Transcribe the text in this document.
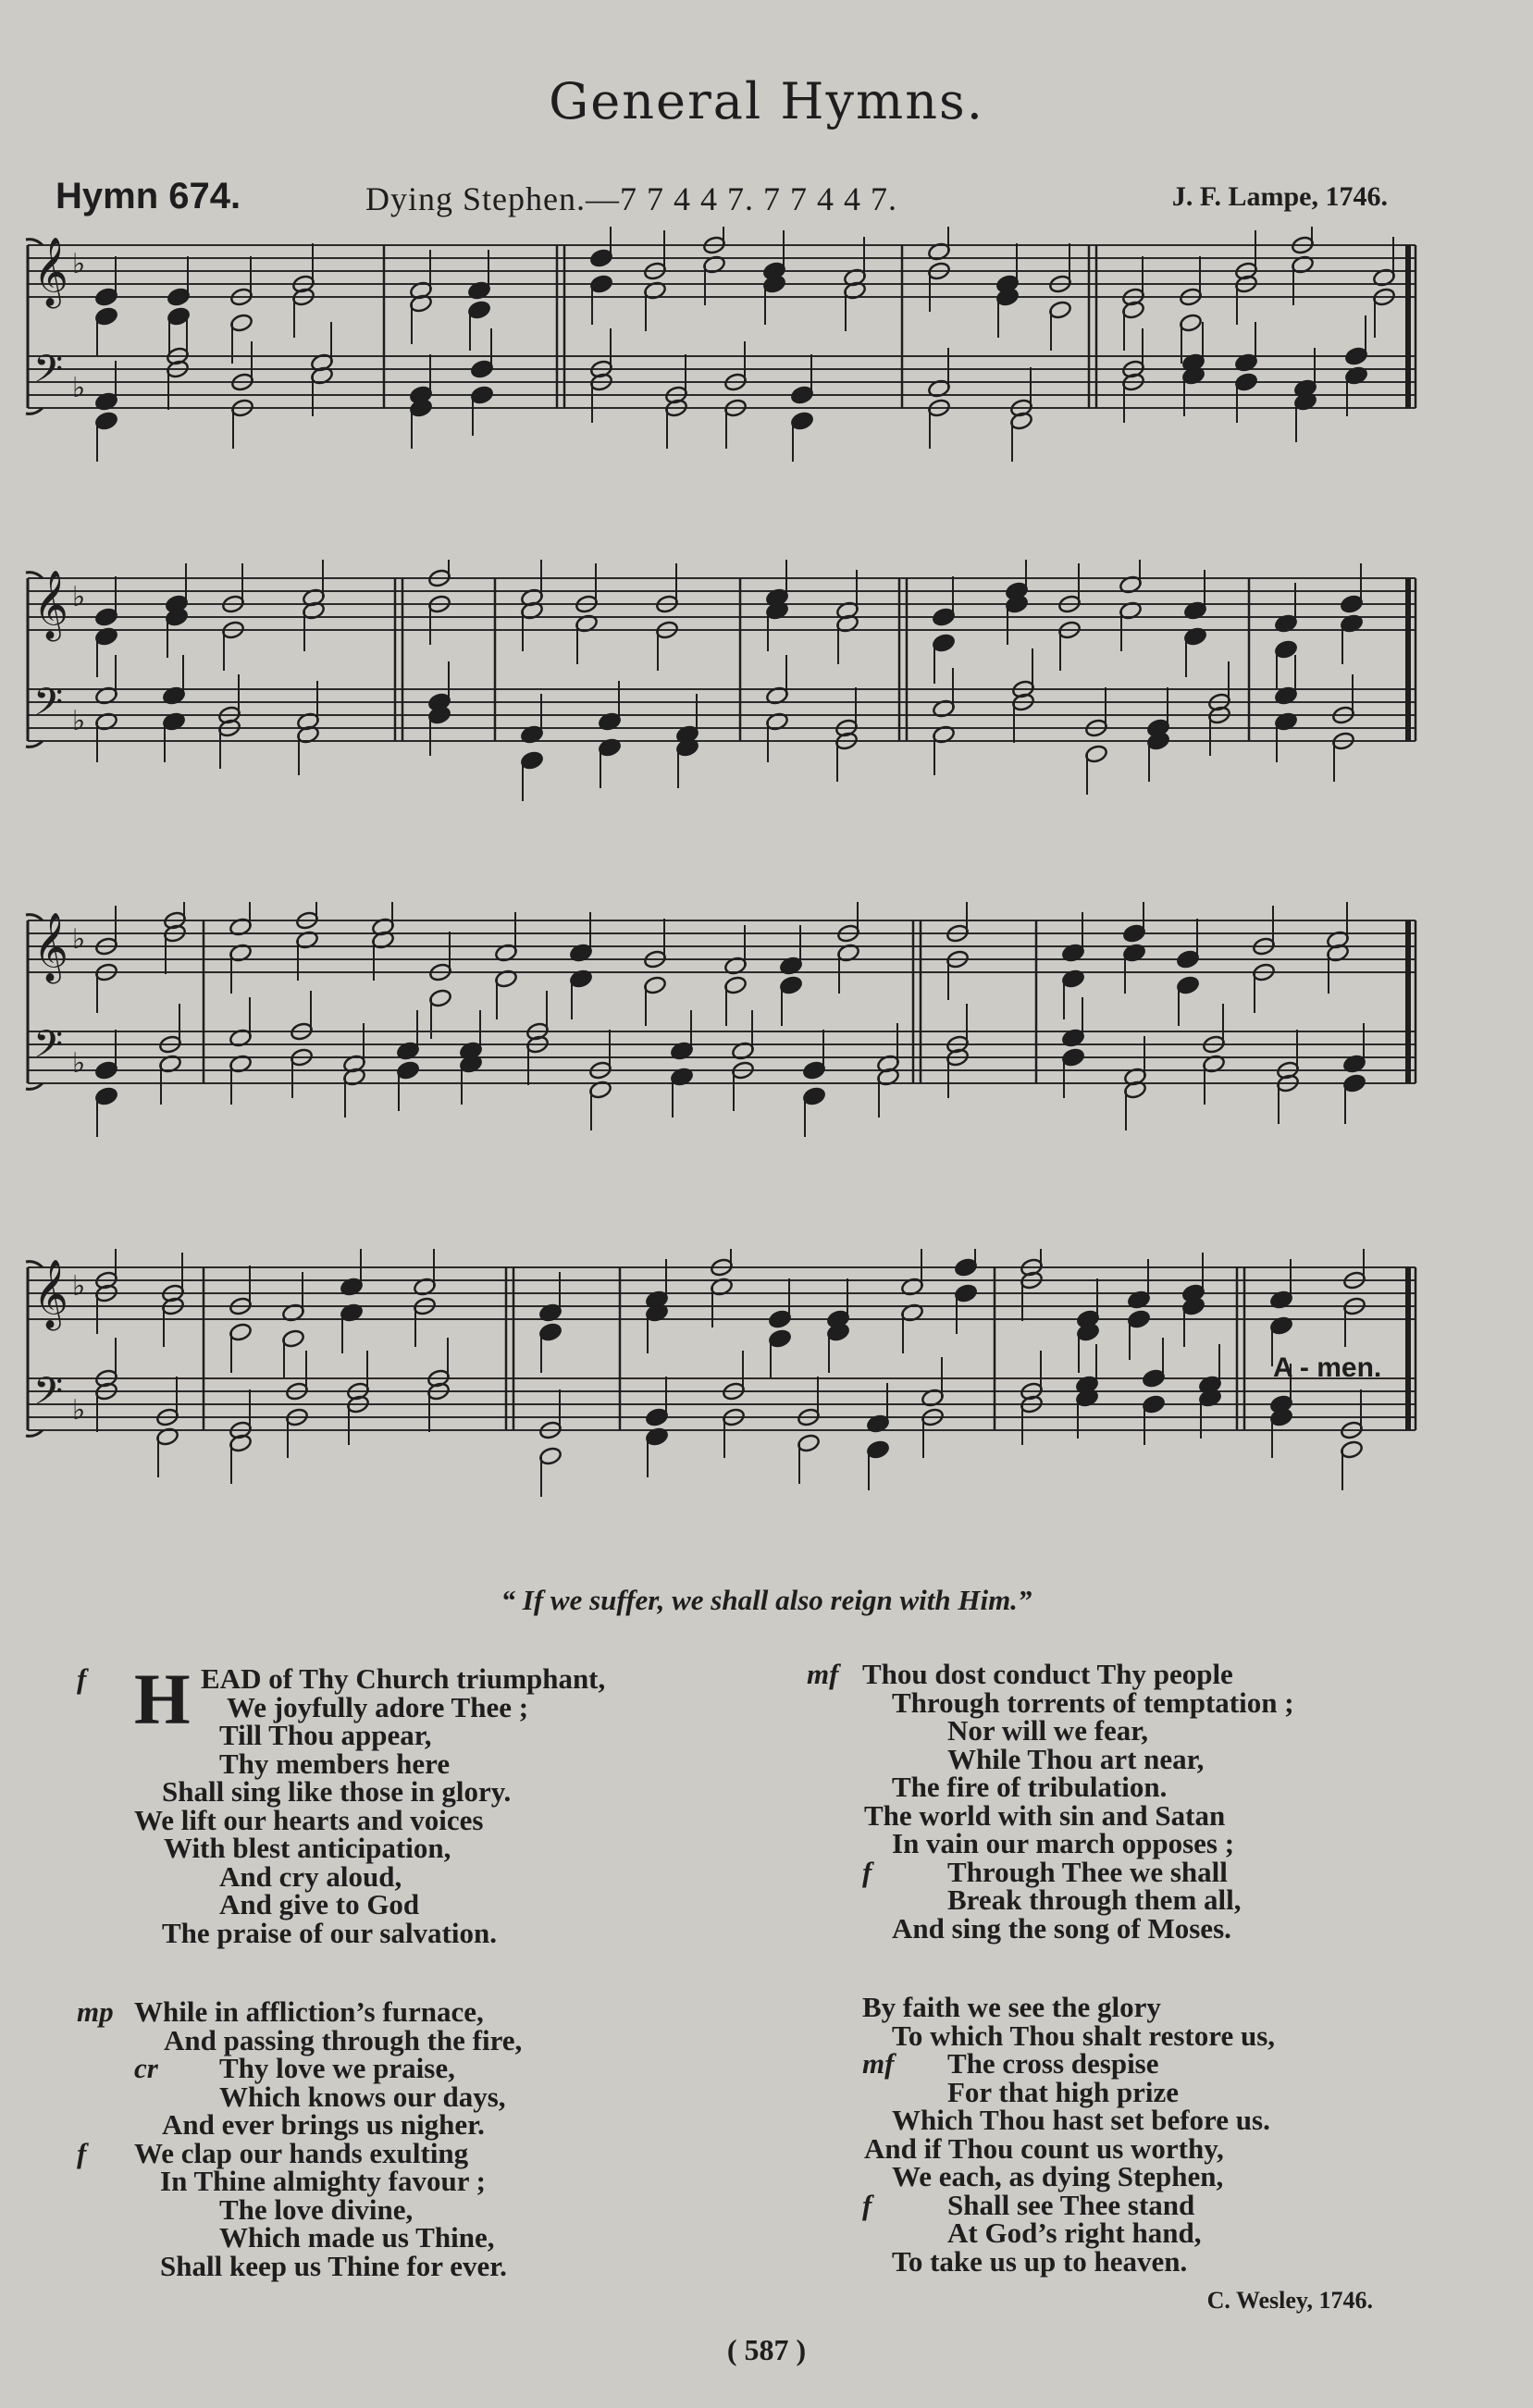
General Hymns.
Hymn 674.	Dying Stephen.—7 7 4 4 7. 7 7 4 4 7.	J. F. Lampe, 1746.
𝄞 ♭
𝄢 ♭
𝄞 ♭
𝄢 ♭
𝄞 ♭
𝄢 ♭
𝄞 ♭
𝄢 ♭
A - men.
“ If we suffer, we shall also reign with Him.”
H
f	EAD of Thy Church triumphant,
We joyfully adore Thee ;
Till Thou appear,
Thy members here
Shall sing like those in glory.
We lift our hearts and voices
With blest anticipation,
And cry aloud,
And give to God
The praise of our salvation.
mf Thou dost conduct Thy people
Through torrents of temptation ;
Nor will we fear,
While Thou art near,
The fire of tribulation.
The world with sin and Satan
In vain our march opposes ;
f	Through Thee we shall
Break through them all,
And sing the song of Moses.
mp While in affliction’s furnace,
And passing through the fire,
cr Thy love we praise,
Which knows our days,
And ever brings us nigher.
f We clap our hands exulting
In Thine almighty favour ;
The love divine,
Which made us Thine,
Shall keep us Thine for ever.
By faith we see the glory
To which Thou shalt restore us,
mf The cross despise
For that high prize
Which Thou hast set before us.
And if Thou count us worthy,
We each, as dying Stephen,
f	Shall see Thee stand
At God’s right hand,
To take us up to heaven.
C. Wesley, 1746.
( 587 )
